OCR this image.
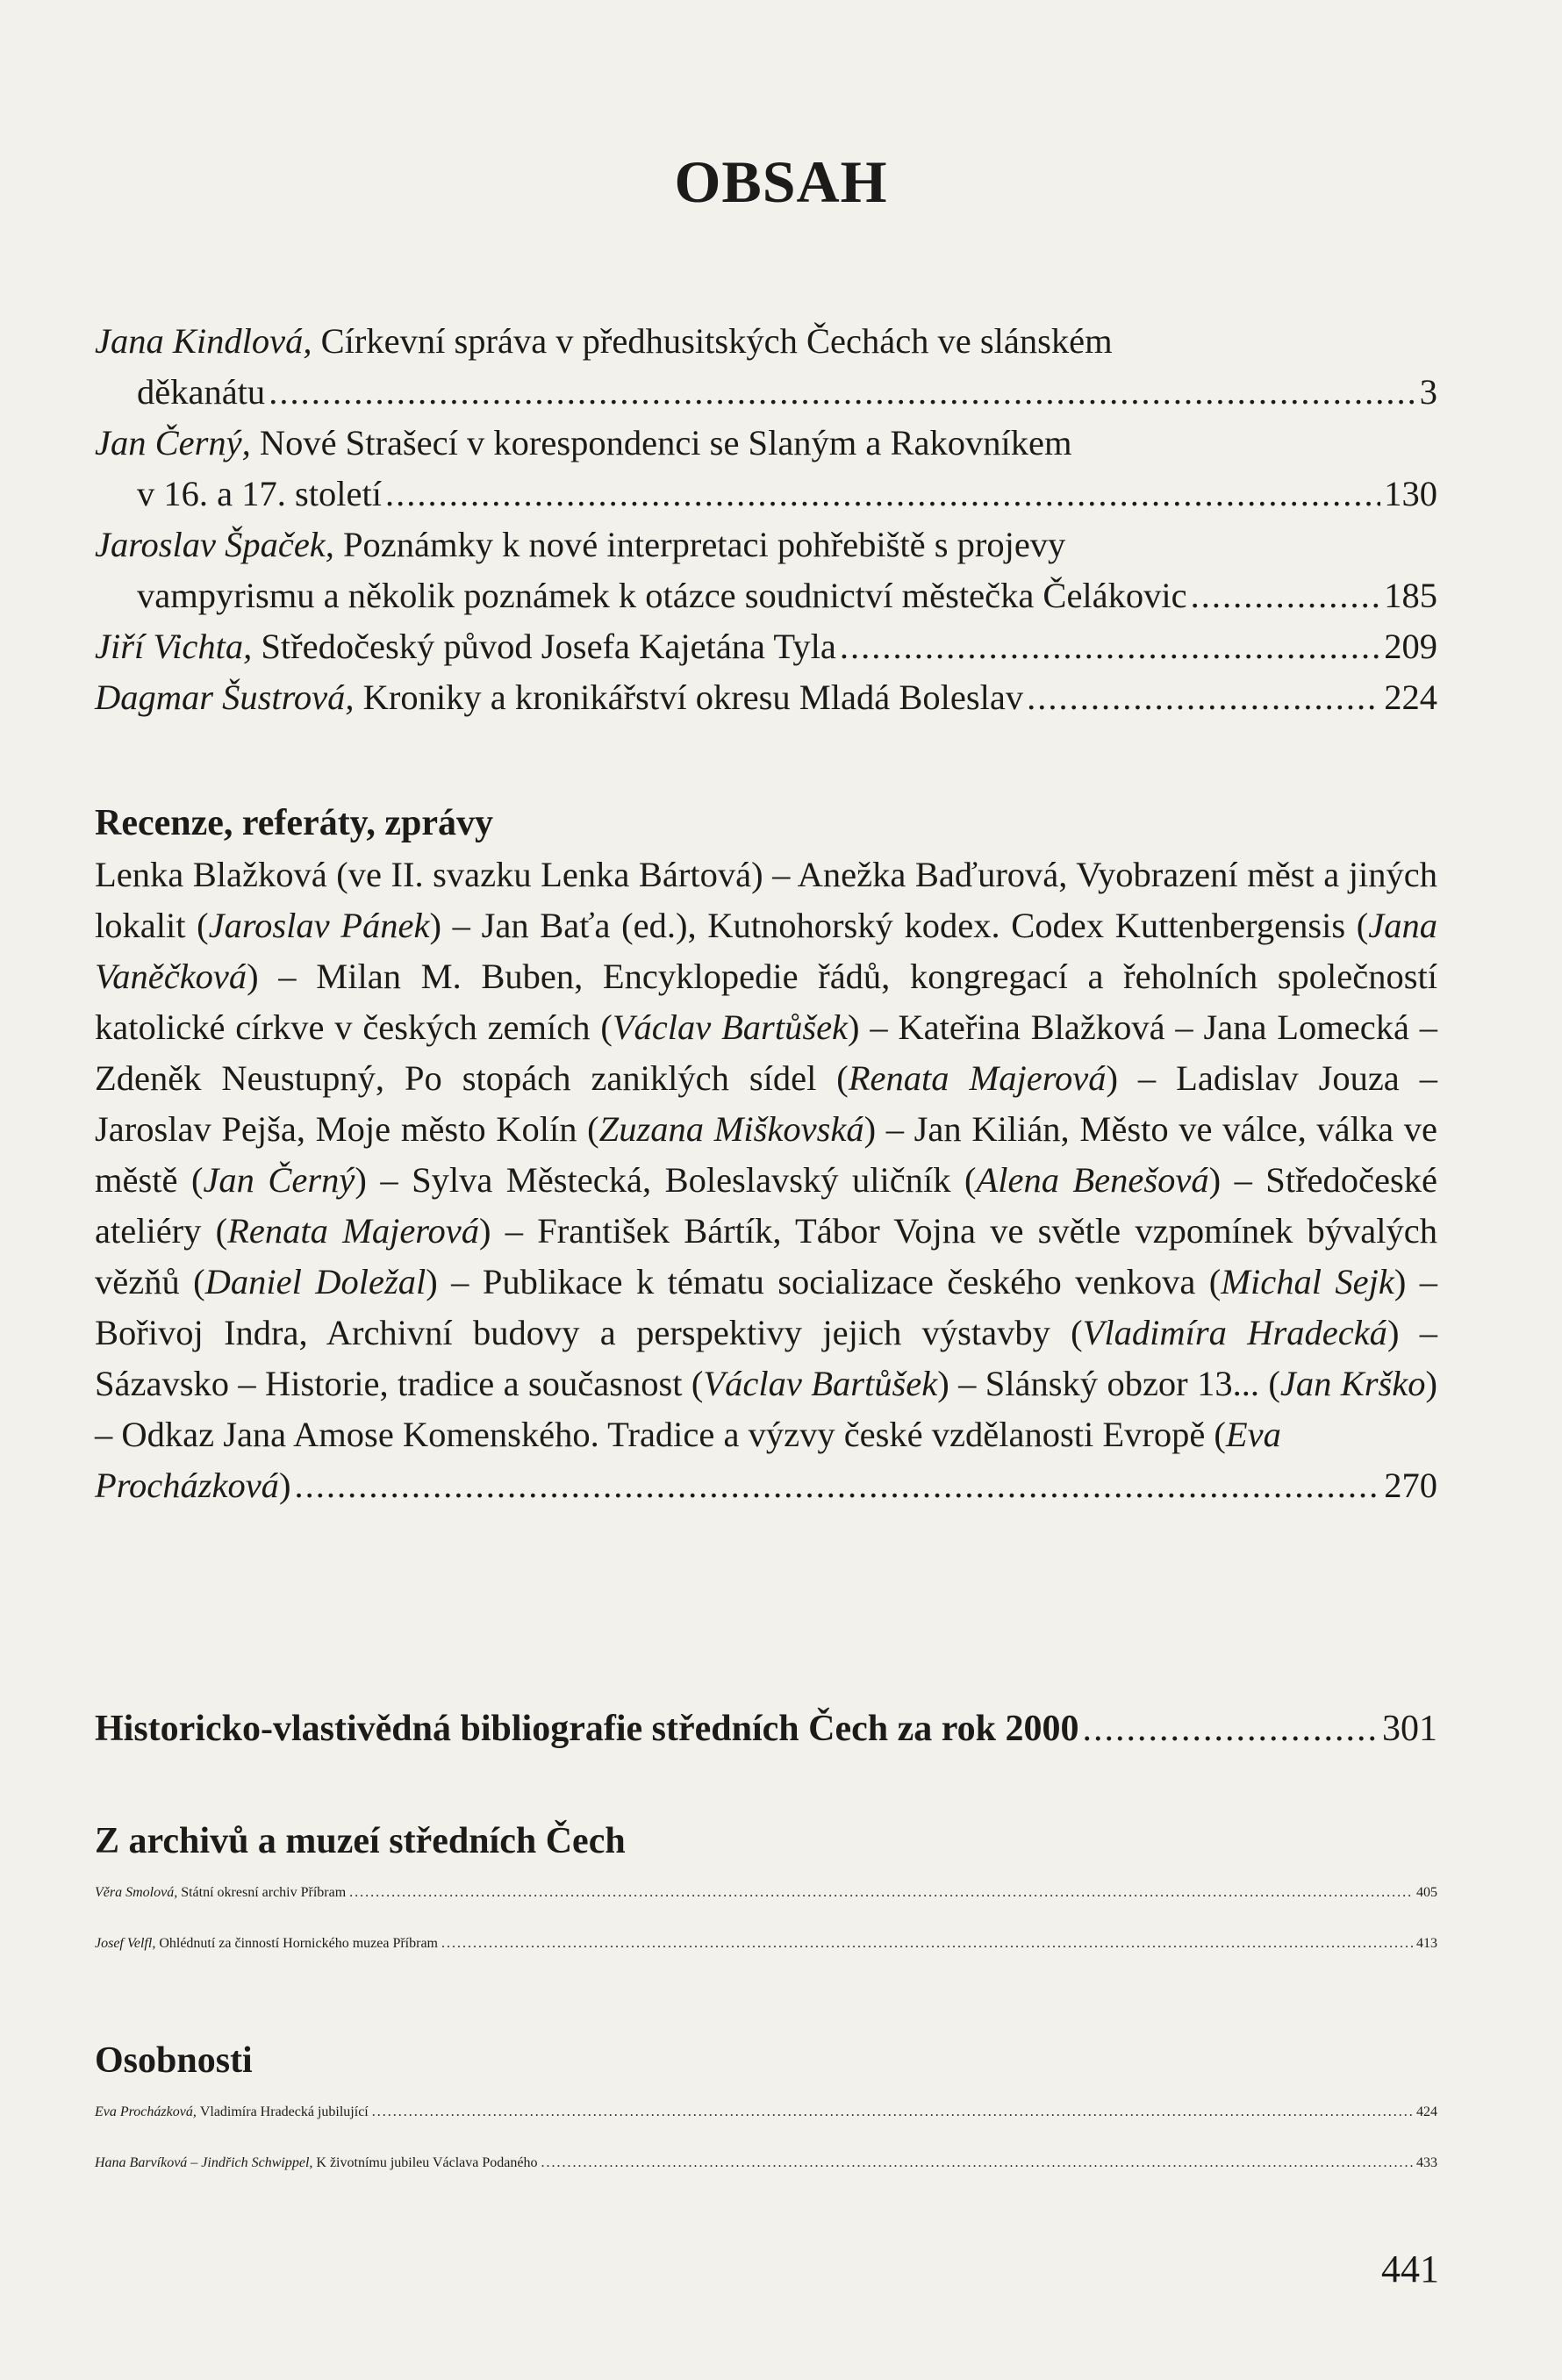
OBSAH
Jana Kindlová,
Církevní správa v předhusitských Čechách ve slánském
děkanátu .....	3
Jan Černý,
Nové Strašecí v korespondenci se Slaným a Rakovníkem
v 16. a 17. století .....	130
Jaroslav Špaček,
Poznámky k nové interpretaci pohřebiště s projevy
vampyrismu a několik poznámek k otázce soudnictví městečka Čelákovic .....	185
Jiří Vichta,
Středočeský původ Josefa Kajetána Tyla .....	209
Dagmar Šustrová,
Kroniky a kronikářství okresu Mladá Boleslav .....	224
Recenze, referáty, zprávy
Lenka Blažková (ve II. svazku Lenka Bártová) – Anežka Baďurová, Vyobrazení měst a jiných lokalit (Jaroslav Pánek) – Jan Baťa (ed.), Kutnohorský kodex. Codex Kuttenbergensis (Jana Vaněčková) – Milan M. Buben, Encyklopedie řádů, kongregací a řeholních společností katolické církve v českých zemích (Václav Bartůšek) – Kateřina Blažková – Jana Lomecká – Zdeněk Neustupný, Po stopách zaniklých sídel (Renata Majerová) – Ladislav Jouza – Jaroslav Pejša, Moje město Kolín (Zuzana Miškovská) – Jan Kilián, Město ve válce, válka ve městě (Jan Černý) – Sylva Městecká, Boleslavský uličník (Alena Benešová) – Středočeské ateliéry (Renata Majerová) – František Bártík, Tábor Vojna ve světle vzpomínek bývalých vězňů (Daniel Doležal) – Publikace k tématu socializace českého venkova (Michal Sejk) – Bořivoj Indra, Archivní budovy a perspektivy jejich výstavby (Vladimíra Hradecká) – Sázavsko – Historie, tradice a současnost (Václav Bartůšek) – Slánský obzor 13... (Jan Krško) – Odkaz Jana Amose Komenského. Tradice a výzvy české vzdělanosti Evropě (Eva
Procházková ) .....	270
Historicko-vlastivědná bibliografie středních Čech za rok 2000 .....	301
Z archivů a muzeí středních Čech
Věra Smolová,
Státní okresní archiv Příbram .....	405
Josef Velfl,
Ohlédnutí za činností Hornického muzea Příbram .....	413
Osobnosti
Eva Procházková,
Vladimíra Hradecká jubilující .....	424
Hana Barvíková – Jindřich Schwippel,
K životnímu jubileu Václava Podaného .....	433
441
